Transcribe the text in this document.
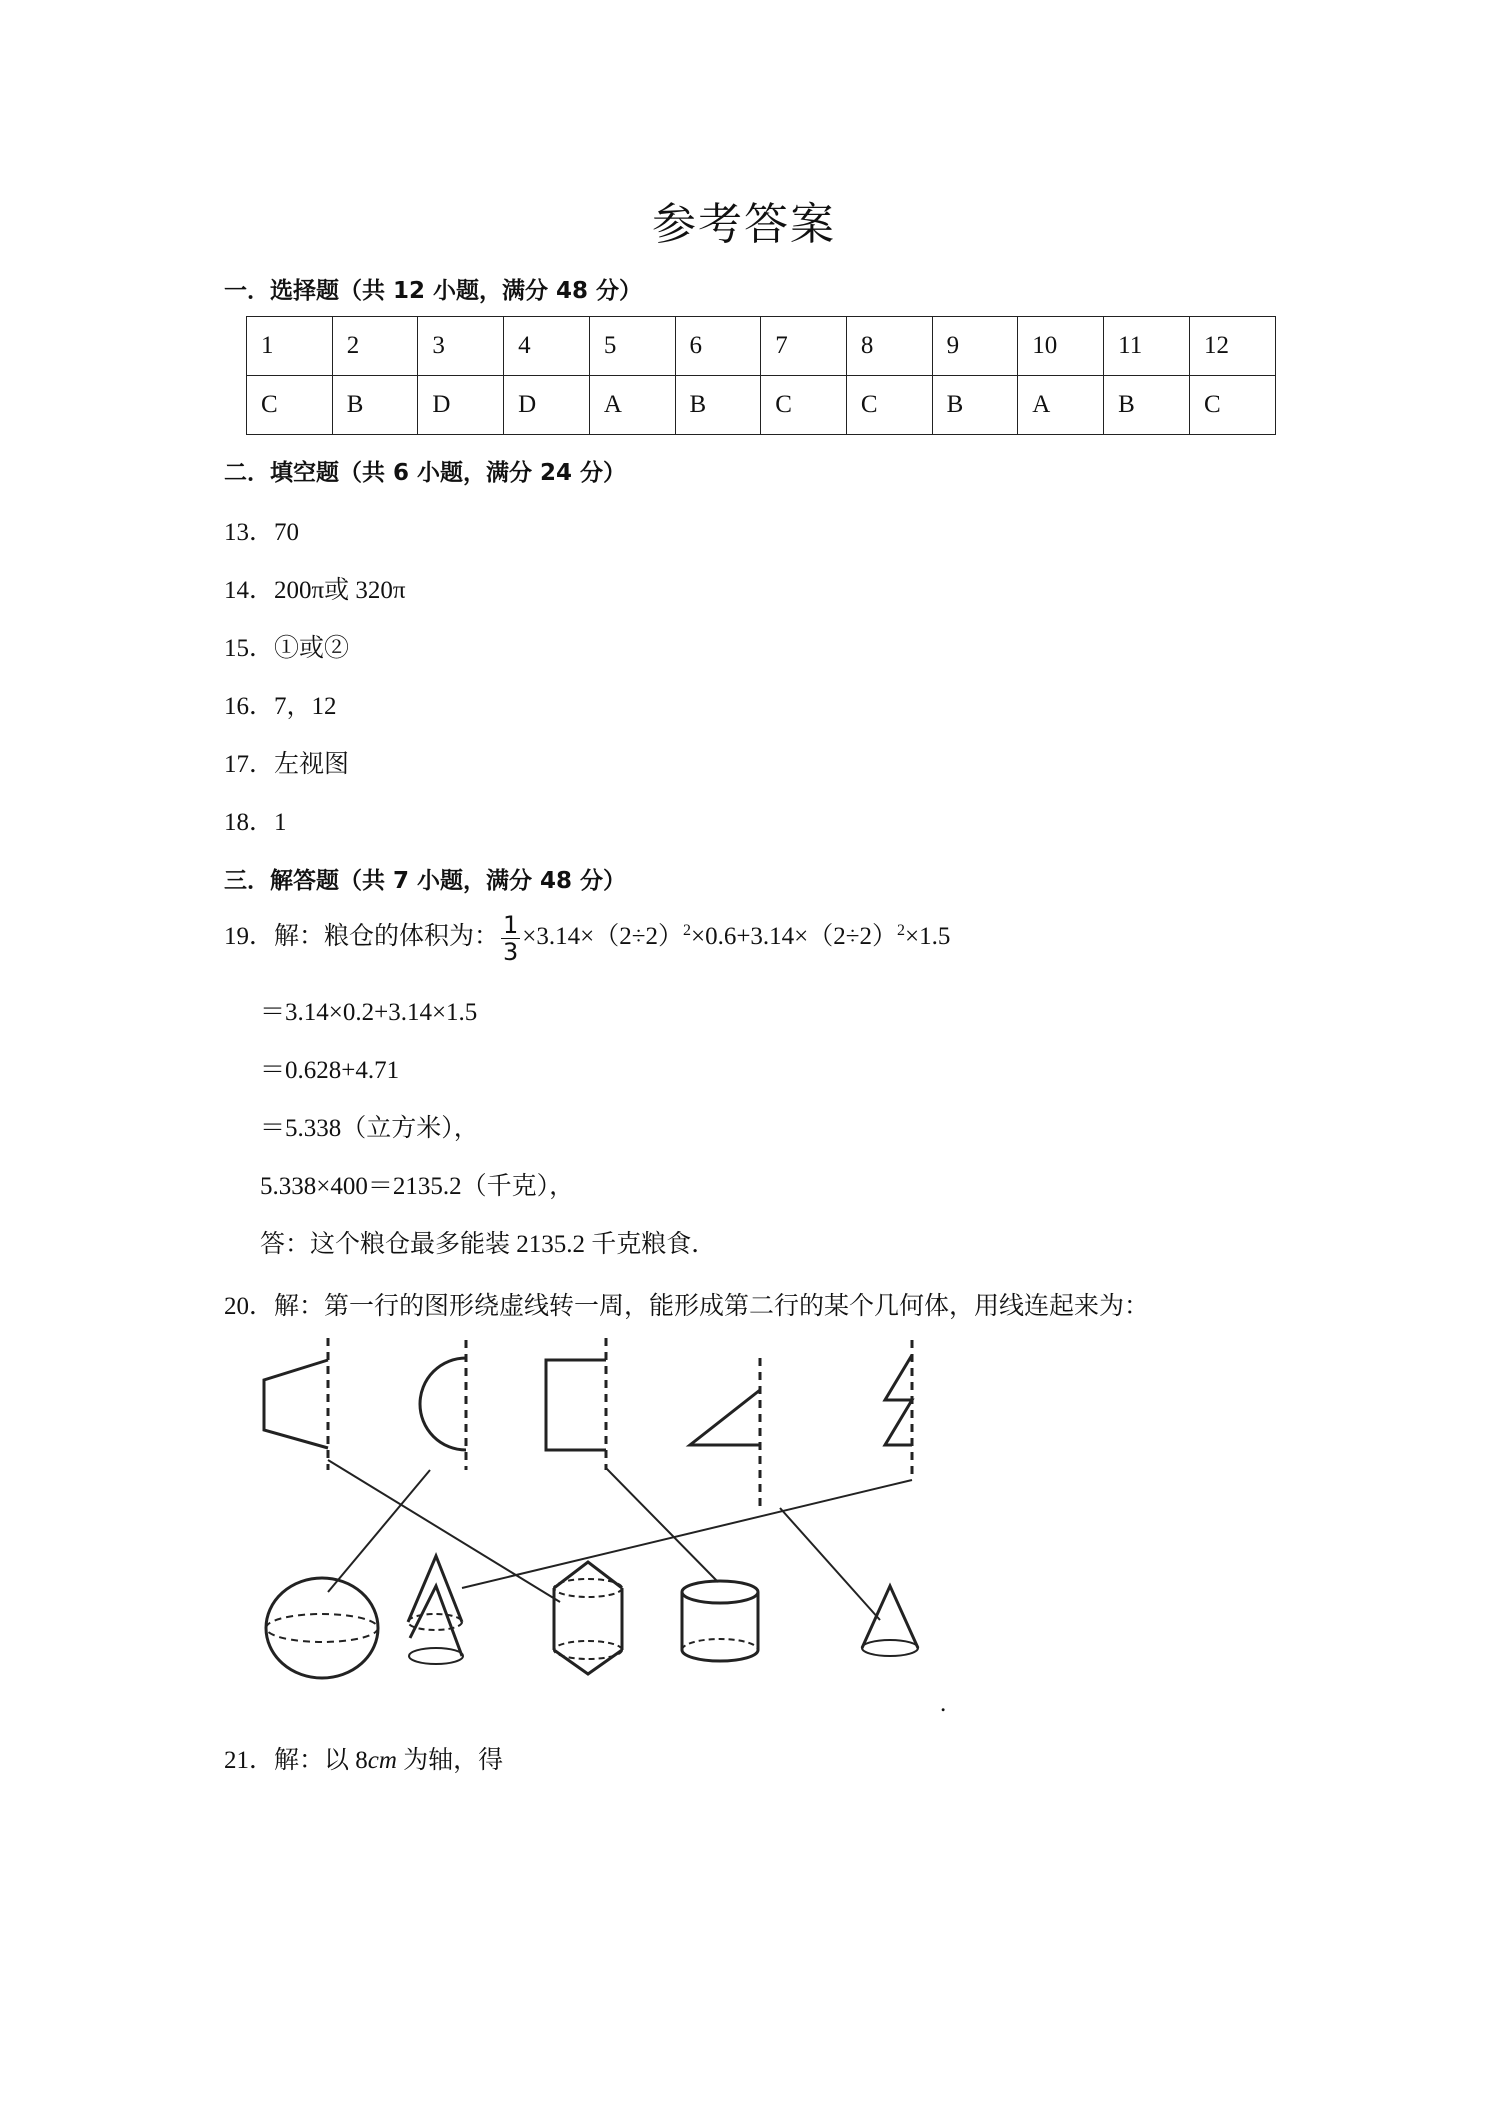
参考答案
一．选择题（共 12 小题，满分 48 分）
1	2	3	4	5	6	7	8	9	10	11	12
C	B	D	D	A	B	C	C	B	A	B	C
二．填空题（共 6 小题，满分 24 分）
13．70
14．200π或 320π
15．①或②
16．7，12
17．左视图
18．1
三．解答题（共 7 小题，满分 48 分）
19．解：粮仓的体积为： $\frac{1}{3} \times 3.14\times(2\div 2)^2\times 0.6+3.14\times(2\div 2)^2\times 1.5$
＝3.14×0.2+3.14×1.5
＝0.628+4.71
＝5.338（立方米），
5.338×400＝2135.2（千克），
答：这个粮仓最多能装 2135.2 千克粮食．
20．解：第一行的图形绕虚线转一周，能形成第二行的某个几何体，用线连起来为：
.
21．解：以 8cm 为轴，得
